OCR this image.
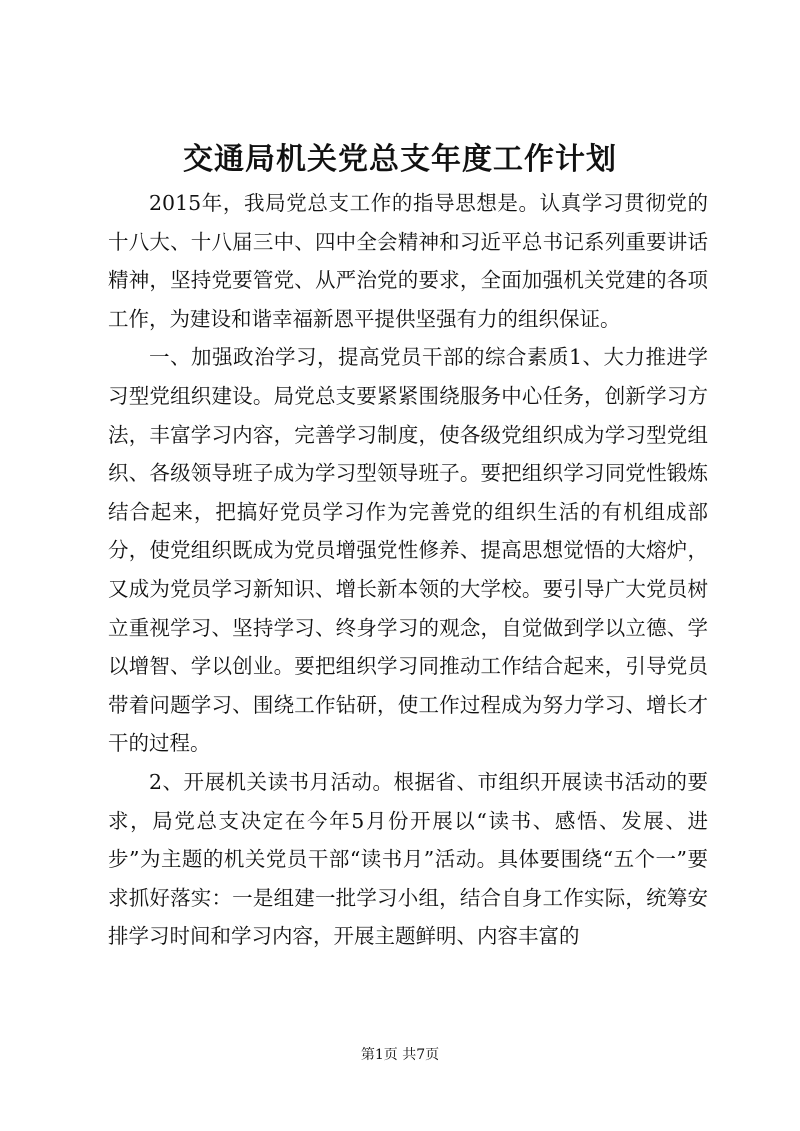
交通局机关党总支年度工作计划

2015年，我局党总支工作的指导思想是。认真学习贯彻党的十八大、十八届三中、四中全会精神和习近平总书记系列重要讲话精神，坚持党要管党、从严治党的要求，全面加强机关党建的各项工作，为建设和谐幸福新恩平提供坚强有力的组织保证。

一、加强政治学习，提高党员干部的综合素质1、大力推进学习型党组织建设。局党总支要紧紧围绕服务中心任务，创新学习方法，丰富学习内容，完善学习制度，使各级党组织成为学习型党组织、各级领导班子成为学习型领导班子。要把组织学习同党性锻炼结合起来，把搞好党员学习作为完善党的组织生活的有机组成部分，使党组织既成为党员增强党性修养、提高思想觉悟的大熔炉，又成为党员学习新知识、增长新本领的大学校。要引导广大党员树立重视学习、坚持学习、终身学习的观念，自觉做到学以立德、学以增智、学以创业。要把组织学习同推动工作结合起来，引导党员带着问题学习、围绕工作钻研，使工作过程成为努力学习、增长才干的过程。

2、开展机关读书月活动。根据省、市组织开展读书活动的要求，局党总支决定在今年5月份开展以“读书、感悟、发展、进步”为主题的机关党员干部“读书月”活动。具体要围绕“五个一”要求抓好落实：一是组建一批学习小组，结合自身工作实际，统筹安排学习时间和学习内容，开展主题鲜明、内容丰富的

第1页 共7页
